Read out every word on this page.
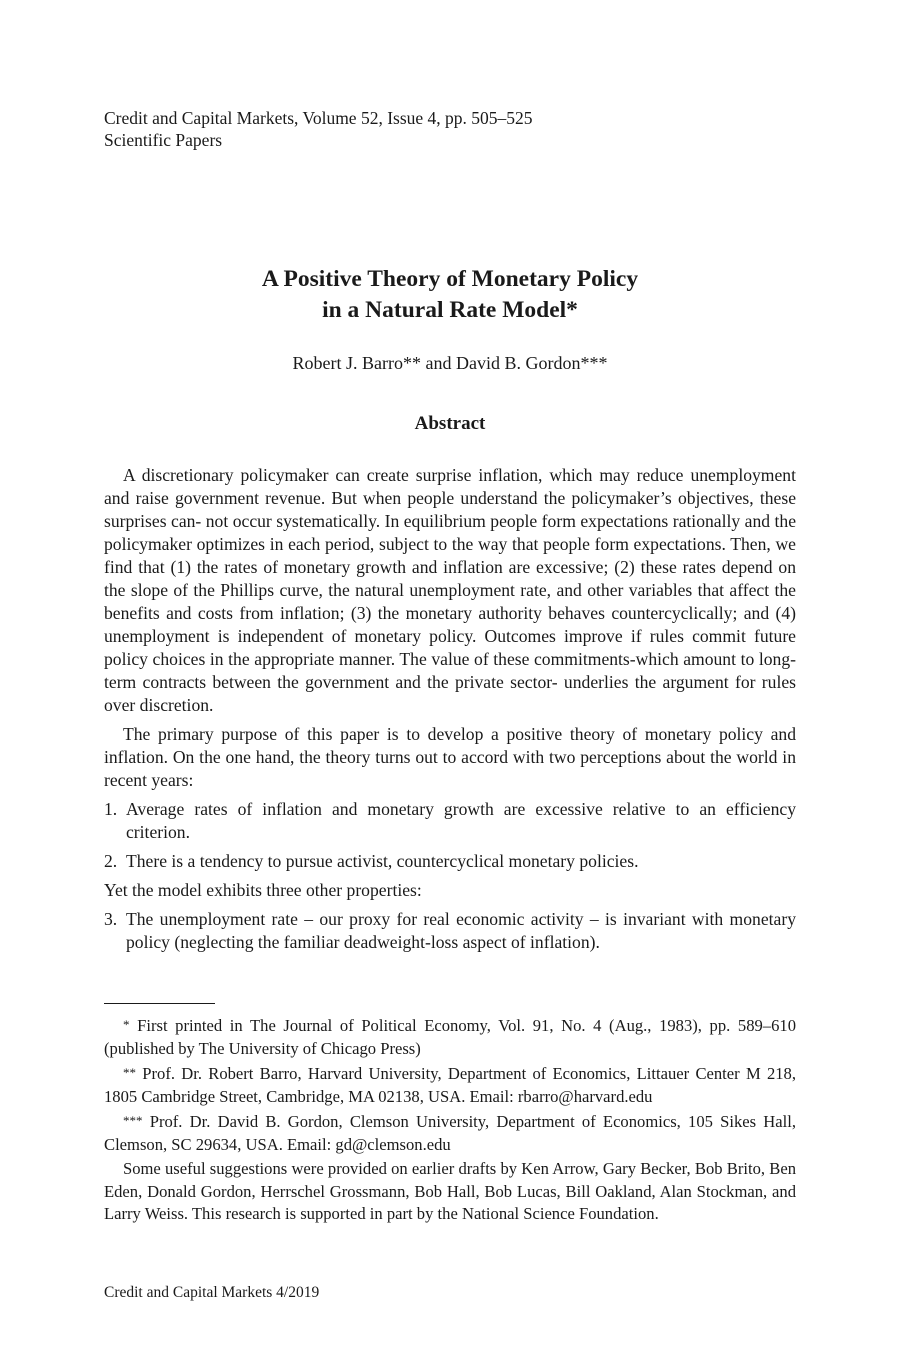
Credit and Capital Markets, Volume 52, Issue 4, pp. 505–525
Scientific Papers
A Positive Theory of Monetary Policy
in a Natural Rate Model*
Robert J. Barro** and David B. Gordon***
Abstract

A discretionary policymaker can create surprise inflation, which may reduce unemployment and raise government revenue. But when people understand the policymaker’s objectives, these surprises can- not occur systematically. In equilibrium people form expectations rationally and the policymaker optimizes in each period, subject to the way that people form expectations. Then, we find that (1) the rates of monetary growth and inflation are excessive; (2) these rates depend on the slope of the Phillips curve, the natural unemployment rate, and other variables that affect the benefits and costs from inflation; (3) the monetary authority behaves countercyclically; and (4) unemployment is independent of monetary policy. Outcomes improve if rules commit future policy choices in the appropriate manner. The value of these commitments-which amount to long- term contracts between the government and the private sector- underlies the argument for rules over discretion.

The primary purpose of this paper is to develop a positive theory of monetary policy and inflation. On the one hand, the theory turns out to accord with two perceptions about the world in recent years:

1. Average rates of inflation and monetary growth are excessive relative to an efficiency criterion.
2. There is a tendency to pursue activist, countercyclical monetary policies.

Yet the model exhibits three other properties:

3. The unemployment rate – our proxy for real economic activity – is invariant with monetary policy (neglecting the familiar deadweight-loss aspect of inflation).

* First printed in The Journal of Political Economy, Vol. 91, No. 4 (Aug., 1983), pp. 589–610 (published by The University of Chicago Press)

** Prof. Dr. Robert Barro, Harvard University, Department of Economics, Littauer Center M 218, 1805 Cambridge Street, Cambridge, MA 02138, USA. Email: rbarro@harvard.edu

*** Prof. Dr. David B. Gordon, Clemson University, Department of Economics, 105 Sikes Hall, Clemson, SC 29634, USA. Email: gd@clemson.edu

Some useful suggestions were provided on earlier drafts by Ken Arrow, Gary Becker, Bob Brito, Ben Eden, Donald Gordon, Herrschel Grossmann, Bob Hall, Bob Lucas, Bill Oakland, Alan Stockman, and Larry Weiss. This research is supported in part by the National Science Foundation.

Credit and Capital Markets 4/2019
